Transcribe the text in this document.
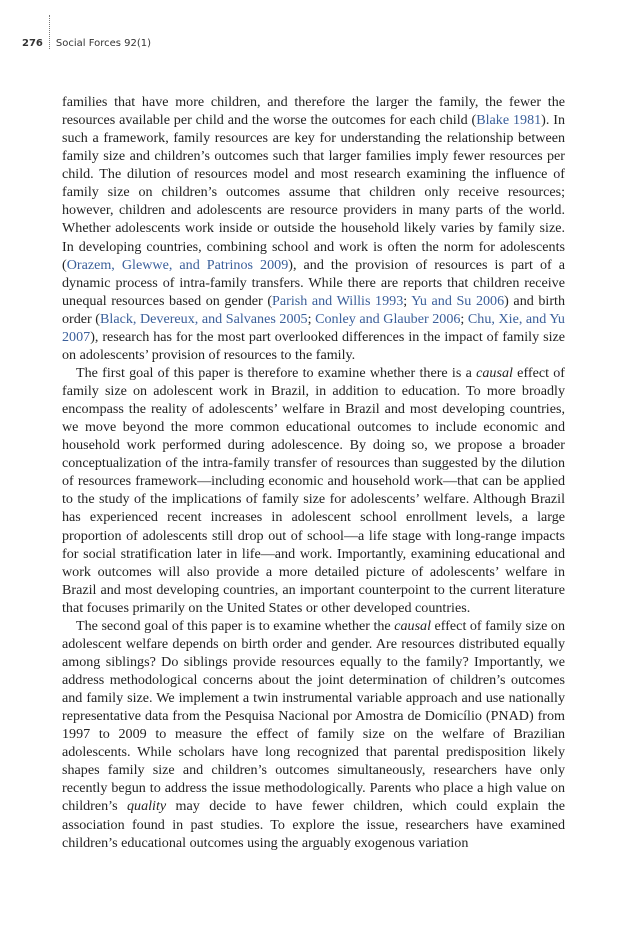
276	Social Forces 92(1)

families that have more children, and therefore the larger the family, the fewer the resources available per child and the worse the outcomes for each child (Blake 1981). In such a framework, family resources are key for understanding the relationship between family size and children’s outcomes such that larger families imply fewer resources per child. The dilution of resources model and most research examining the influence of family size on children’s outcomes assume that children only receive resources; however, children and adolescents are resource providers in many parts of the world. Whether adolescents work inside or outside the household likely varies by family size. In developing countries, combining school and work is often the norm for adolescents (Orazem, Glewwe, and Patrinos 2009), and the provision of resources is part of a dynamic process of intra-family transfers. While there are reports that children receive unequal resources based on gender (Parish and Willis 1993; Yu and Su 2006) and birth order (Black, Devereux, and Salvanes 2005; Conley and Glauber 2006; Chu, Xie, and Yu 2007), research has for the most part overlooked differences in the impact of family size on adolescents’ provision of resources to the family.

The first goal of this paper is therefore to examine whether there is a causal effect of family size on adolescent work in Brazil, in addition to education. To more broadly encompass the reality of adolescents’ welfare in Brazil and most developing countries, we move beyond the more common educational outcomes to include economic and household work performed during adolescence. By doing so, we propose a broader conceptualization of the intra-family transfer of resources than suggested by the dilution of resources framework—including economic and household work—that can be applied to the study of the implications of family size for adolescents’ welfare. Although Brazil has experienced recent increases in adolescent school enrollment levels, a large proportion of adolescents still drop out of school—a life stage with long-range impacts for social stratification later in life—and work. Importantly, examining educational and work outcomes will also provide a more detailed picture of adolescents’ welfare in Brazil and most developing countries, an important counterpoint to the current literature that focuses primarily on the United States or other developed countries.

The second goal of this paper is to examine whether the causal effect of family size on adolescent welfare depends on birth order and gender. Are resources distributed equally among siblings? Do siblings provide resources equally to the family? Importantly, we address methodological concerns about the joint determination of children’s outcomes and family size. We implement a twin instrumental variable approach and use nationally representative data from the Pesquisa Nacional por Amostra de Domicílio (PNAD) from 1997 to 2009 to measure the effect of family size on the welfare of Brazilian adolescents. While scholars have long recognized that parental predisposition likely shapes family size and children’s outcomes simultaneously, researchers have only recently begun to address the issue methodologically. Parents who place a high value on children’s quality may decide to have fewer children, which could explain the association found in past studies. To explore the issue, researchers have examined children’s educational outcomes using the arguably exogenous variation
